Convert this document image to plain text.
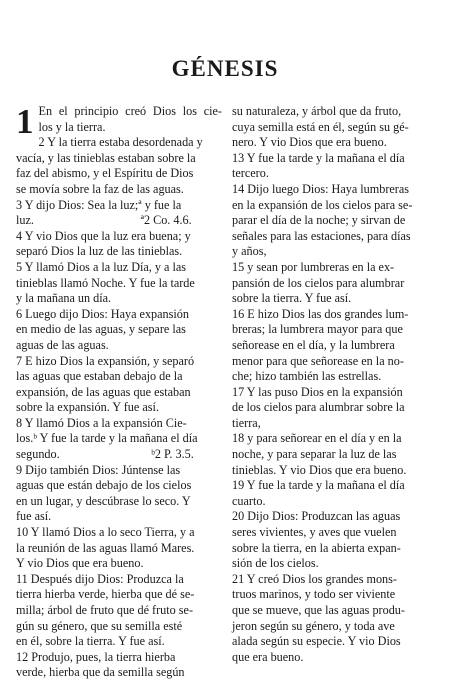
GÉNESIS
1 En el principio creó Dios los cie-
los y la tierra.
2 Y la tierra estaba desordenada y
vacía, y las tinieblas estaban sobre la
faz del abismo, y el Espíritu de Dios
se movía sobre la faz de las aguas.
3 Y dijo Dios: Sea la luz;ª y fue la
luz.                                   ª2 Co. 4.6.
4 Y vio Dios que la luz era buena; y
separó Dios la luz de las tinieblas.
5 Y llamó Dios a la luz Día, y a las
tinieblas llamó Noche. Y fue la tarde
y la mañana un día.
6 Luego dijo Dios: Haya expansión
en medio de las aguas, y separe las
aguas de las aguas.
7 E hizo Dios la expansión, y separó
las aguas que estaban debajo de la
expansión, de las aguas que estaban
sobre la expansión. Y fue así.
8 Y llamó Dios a la expansión Cie-
los.ᵇ Y fue la tarde y la mañana el día
segundo.                              ᵇ2 P. 3.5.
9 Dijo también Dios: Júntense las
aguas que están debajo de los cielos
en un lugar, y descúbrase lo seco. Y
fue así.
10 Y llamó Dios a lo seco Tierra, y a
la reunión de las aguas llamó Mares.
Y vio Dios que era bueno.
11 Después dijo Dios: Produzca la
tierra hierba verde, hierba que dé se-
milla; árbol de fruto que dé fruto se-
gún su género, que su semilla esté
en él, sobre la tierra. Y fue así.
12 Produjo, pues, la tierra hierba
verde, hierba que da semilla según
su naturaleza, y árbol que da fruto,
cuya semilla está en él, según su gé-
nero. Y vio Dios que era bueno.
13 Y fue la tarde y la mañana el día
tercero.
14 Dijo luego Dios: Haya lumbreras
en la expansión de los cielos para se-
parar el día de la noche; y sirvan de
señales para las estaciones, para días
y años,
15 y sean por lumbreras en la ex-
pansión de los cielos para alumbrar
sobre la tierra. Y fue así.
16 E hizo Dios las dos grandes lum-
breras; la lumbrera mayor para que
señorease en el día, y la lumbrera
menor para que señorease en la no-
che; hizo también las estrellas.
17 Y las puso Dios en la expansión
de los cielos para alumbrar sobre la
tierra,
18 y para señorear en el día y en la
noche, y para separar la luz de las
tinieblas. Y vio Dios que era bueno.
19 Y fue la tarde y la mañana el día
cuarto.
20 Dijo Dios: Produzcan las aguas
seres vivientes, y aves que vuelen
sobre la tierra, en la abierta expan-
sión de los cielos.
21 Y creó Dios los grandes mons-
truos marinos, y todo ser viviente
que se mueve, que las aguas produ-
jeron según su género, y toda ave
alada según su especie. Y vio Dios
que era bueno.
